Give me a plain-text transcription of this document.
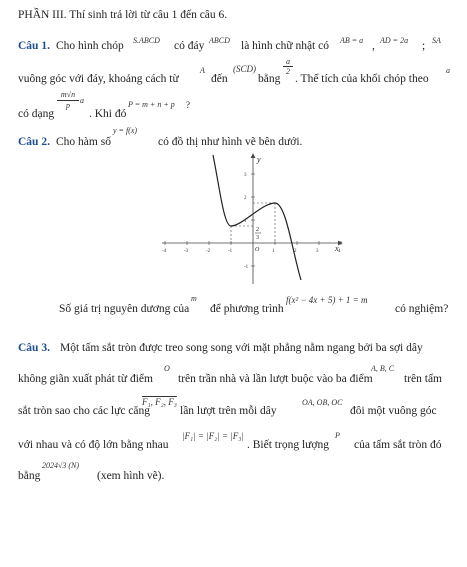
PHẦN III. Thí sinh trả lời từ câu 1 đến câu 6.
Câu 1. Cho hình chóp S.ABCD có đáy ABCD là hình chữ nhật có AB = a , AD = 2a ; SA
vuông góc với đáy, khoảng cách từ
A
đến
(SCD)
bằng
$\frac{a}{2}$
. Thể tích của khối chóp theo
a
có dạng
$\frac{m√n}{p}$ a
. Khi đó
P = m + n + p ?
Câu 2. Cho hàm số
y = f(x)
có đồ thị như hình vẽ bên dưới.
y
x
O
-4	-3	-2	-1	1	2	3	4
3
2
1
-1
2
3
Số giá trị nguyên dương của
m
để phương trình
f(x² − 4x + 5) + 1 = m
có nghiệm?
Câu 3. Một tấm sắt tròn được treo song song với mặt phẳng nằm ngang bởi ba sợi dây
không giãn xuất phát từ điểm
O
trên trần nhà và lần lượt buộc vào ba điểm
A, B, C
trên tấm
sắt tròn sao cho các lực căng
F₁, F₂, F₃
lần lượt trên mỗi dây
OA, OB, OC
đôi một vuông góc
với nhau và có độ lớn bằng nhau
|F₁| = |F₂| = |F₃|
. Biết trọng lượng
P
của tấm sắt tròn đó
bằng
2024√3 (N)
(xem hình vẽ).
